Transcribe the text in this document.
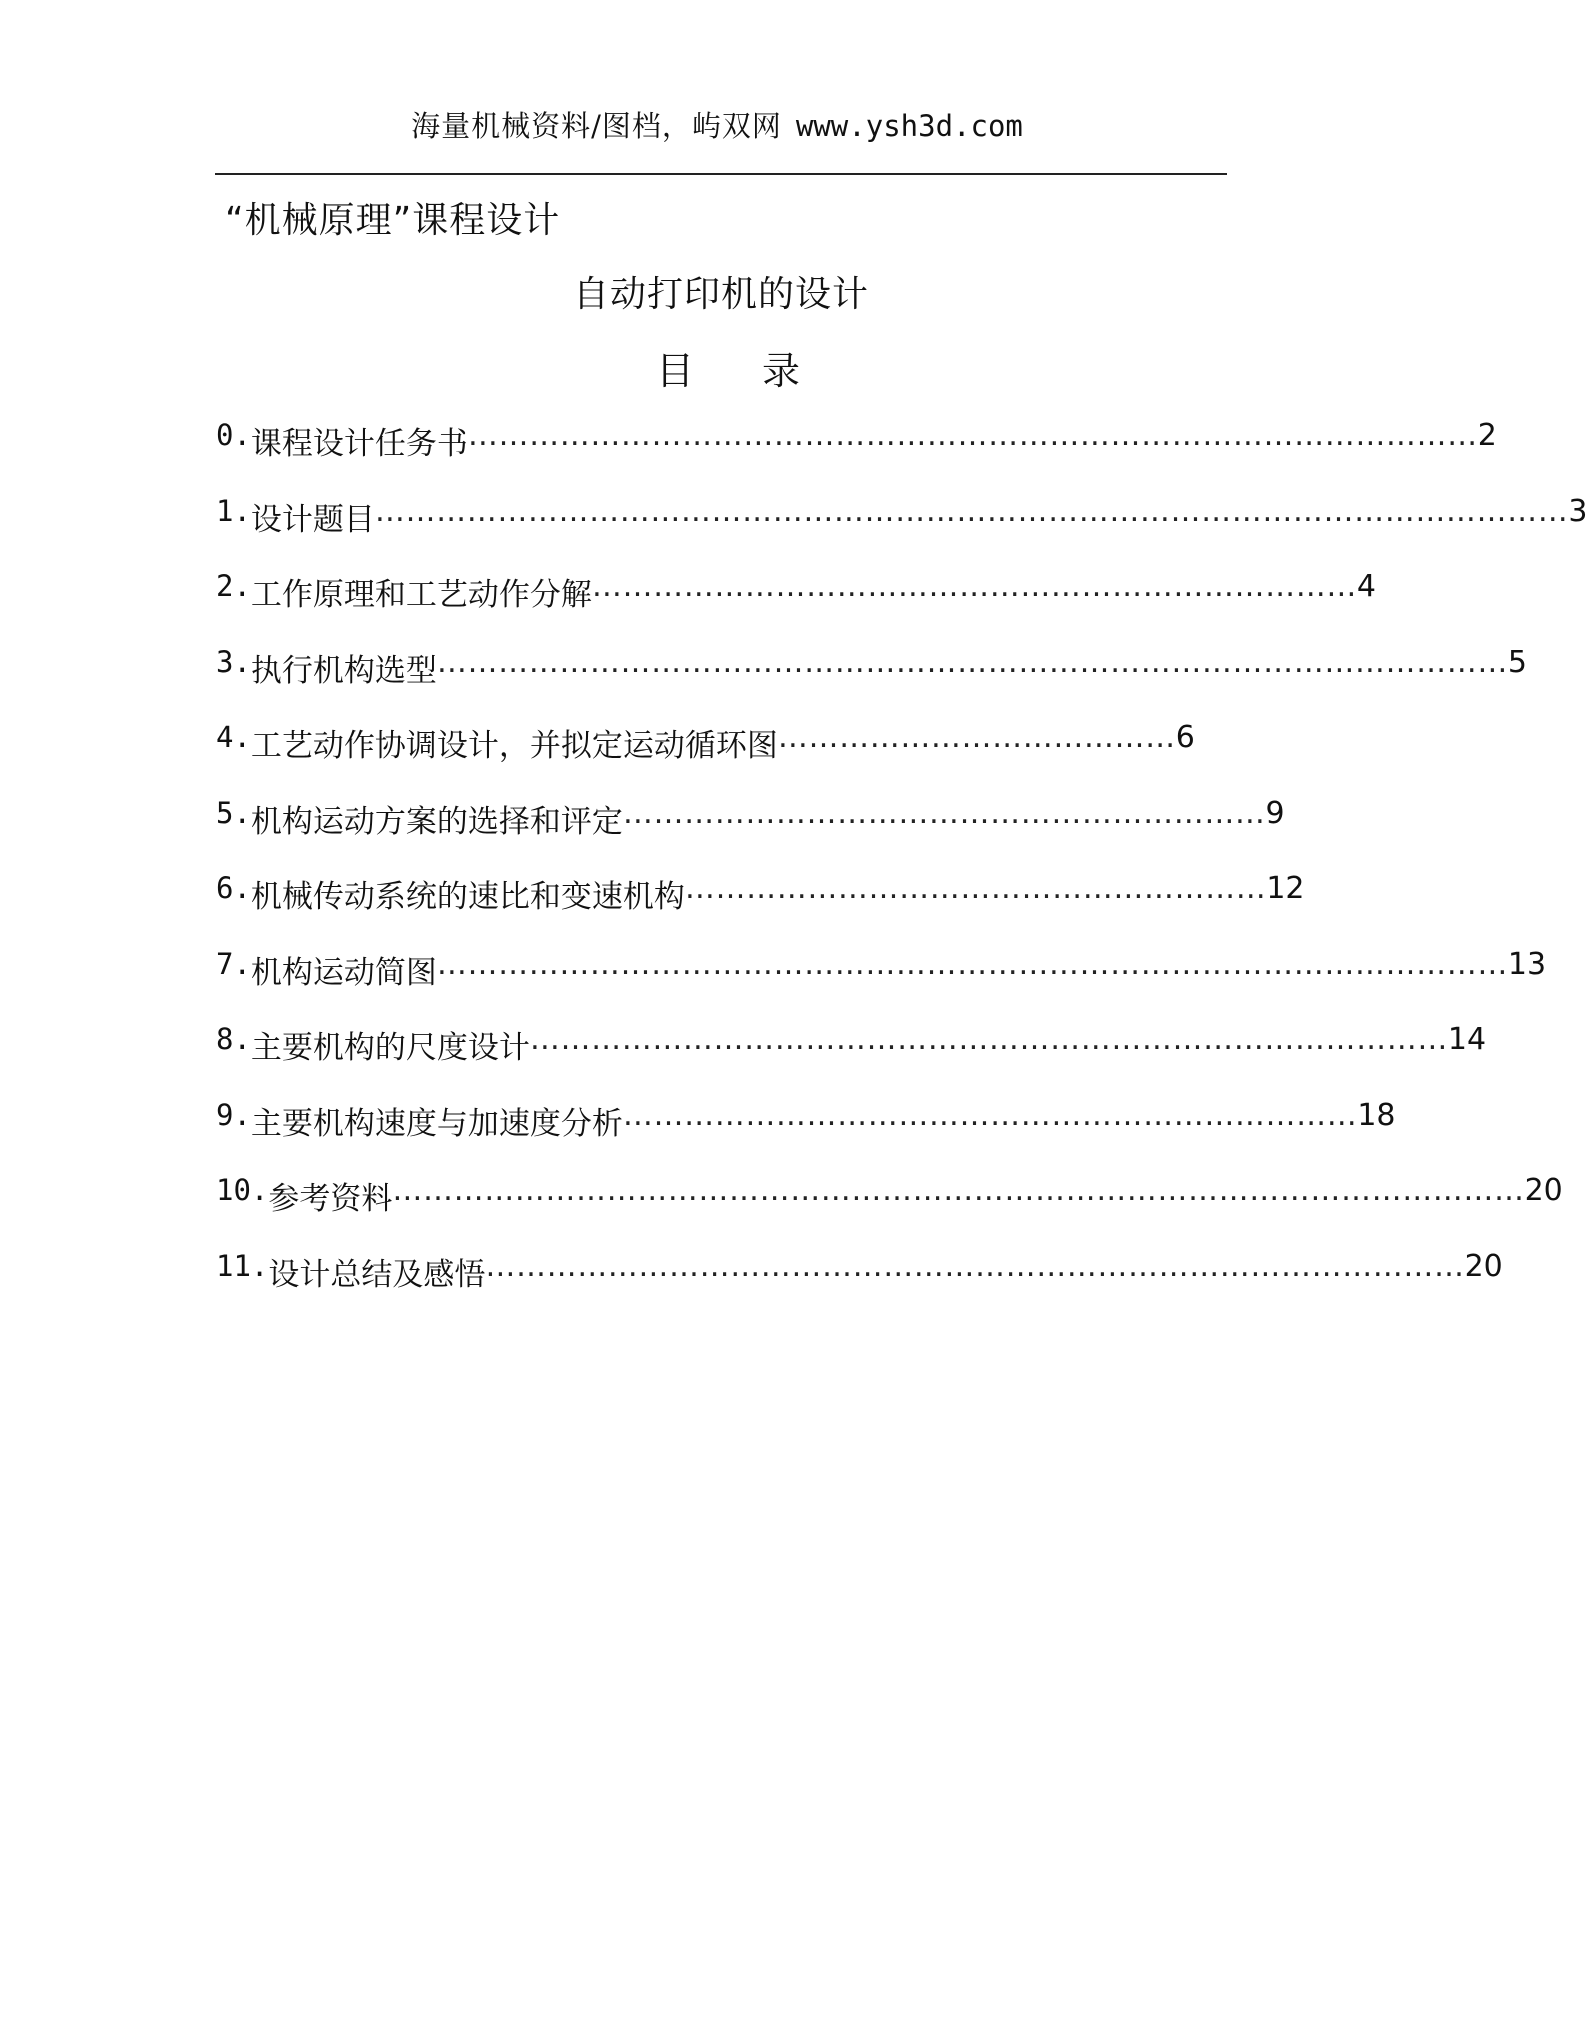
海量机械资料/图档，屿双网 www.ysh3d.com
“机械原理”课程设计
自动打印机的设计
目 录
0. 课程设计任务书 ……………………………………………………………………………………… 2
1. 设计题目 ……………………………………………………………………………………………………… 3
2. 工作原理和工艺动作分解 ………………………………………………………………… 4
3. 执行机构选型 …………………………………………………………………………………………… 5
4. 工艺动作协调设计，并拟定运动循环图 ………………………………… 6
5. 机构运动方案的选择和评定 ……………………………………………………… 9
6. 机械传动系统的速比和变速机构 ………………………………………………… 12
7. 机构运动简图 …………………………………………………………………………………………… 13
8. 主要机构的尺度设计 ……………………………………………………………………………… 14
9. 主要机构速度与加速度分析 ……………………………………………………………… 18
10. 参考资料 ………………………………………………………………………………………………… 20
11. 设计总结及感悟 …………………………………………………………………………………… 20
